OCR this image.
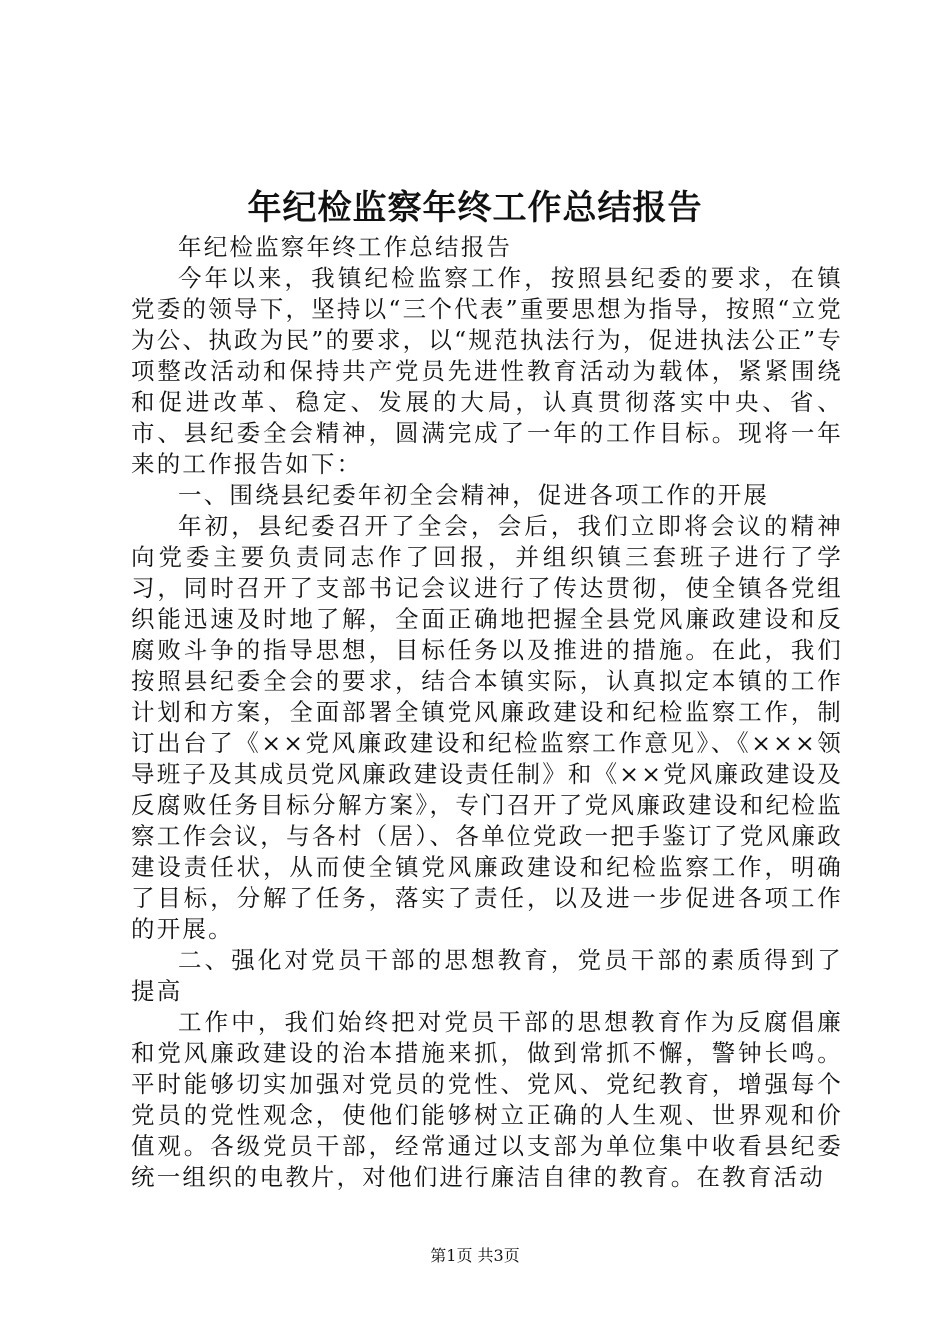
年纪检监察年终工作总结报告

年纪检监察年终工作总结报告

今年以来，我镇纪检监察工作，按照县纪委的要求，在镇党委的领导下，坚持以“三个代表”重要思想为指导，按照“立党为公、执政为民”的要求，以“规范执法行为，促进执法公正”专项整改活动和保持共产党员先进性教育活动为载体，紧紧围绕和促进改革、稳定、发展的大局，认真贯彻落实中央、省、市、县纪委全会精神，圆满完成了一年的工作目标。现将一年来的工作报告如下：

一、围绕县纪委年初全会精神，促进各项工作的开展

年初，县纪委召开了全会，会后，我们立即将会议的精神向党委主要负责同志作了回报，并组织镇三套班子进行了学习，同时召开了支部书记会议进行了传达贯彻，使全镇各党组织能迅速及时地了解，全面正确地把握全县党风廉政建设和反腐败斗争的指导思想，目标任务以及推进的措施。在此，我们按照县纪委全会的要求，结合本镇实际，认真拟定本镇的工作计划和方案，全面部署全镇党风廉政建设和纪检监察工作，制订出台了《××党风廉政建设和纪检监察工作意见》、《×××领导班子及其成员党风廉政建设责任制》和《××党风廉政建设及反腐败任务目标分解方案》，专门召开了党风廉政建设和纪检监察工作会议，与各村（居）、各单位党政一把手鉴订了党风廉政建设责任状，从而使全镇党风廉政建设和纪检监察工作，明确了目标，分解了任务，落实了责任，以及进一步促进各项工作的开展。

二、强化对党员干部的思想教育，党员干部的素质得到了提高

工作中，我们始终把对党员干部的思想教育作为反腐倡廉和党风廉政建设的治本措施来抓，做到常抓不懈，警钟长鸣。平时能够切实加强对党员的党性、党风、党纪教育，增强每个党员的党性观念，使他们能够树立正确的人生观、世界观和价值观。各级党员干部，经常通过以支部为单位集中收看县纪委统一组织的电教片，对他们进行廉洁自律的教育。在教育活动

第1页 共3页
